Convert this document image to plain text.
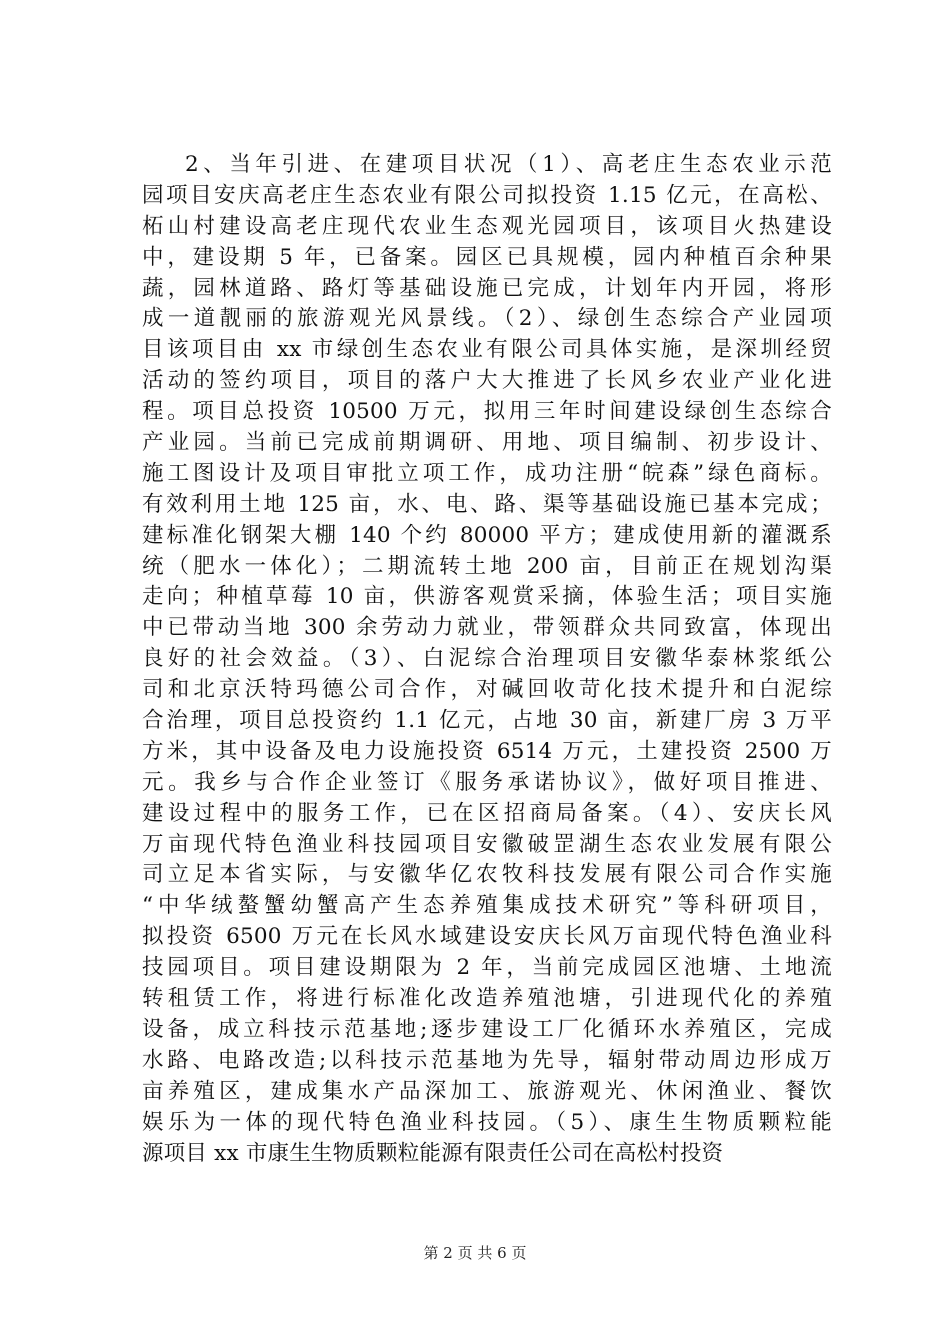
2、当年引进、在建项目状况（1）、高老庄生态农业示范
园项目安庆高老庄生态农业有限公司拟投资 1.15 亿元，在高松、
柘山村建设高老庄现代农业生态观光园项目，该项目火热建设
中，建设期 5 年，已备案。园区已具规模，园内种植百余种果
蔬，园林道路、路灯等基础设施已完成，计划年内开园，将形
成一道靓丽的旅游观光风景线。（2）、绿创生态综合产业园项
目该项目由 xx 市绿创生态农业有限公司具体实施，是深圳经贸
活动的签约项目，项目的落户大大推进了长风乡农业产业化进
程。项目总投资 10500 万元，拟用三年时间建设绿创生态综合
产业园。当前已完成前期调研、用地、项目编制、初步设计、
施工图设计及项目审批立项工作，成功注册“皖森”绿色商标。
有效利用土地 125 亩，水、电、路、渠等基础设施已基本完成；
建标准化钢架大棚 140 个约 80000 平方；建成使用新的灌溉系
统（肥水一体化）；二期流转土地 200 亩，目前正在规划沟渠
走向；种植草莓 10 亩，供游客观赏采摘，体验生活；项目实施
中已带动当地 300 余劳动力就业，带领群众共同致富，体现出
良好的社会效益。（3）、白泥综合治理项目安徽华泰林浆纸公
司和北京沃特玛德公司合作，对碱回收苛化技术提升和白泥综
合治理，项目总投资约 1.1 亿元，占地 30 亩，新建厂房 3 万平
方米，其中设备及电力设施投资 6514 万元，土建投资 2500 万
元。我乡与合作企业签订《服务承诺协议》，做好项目推进、
建设过程中的服务工作，已在区招商局备案。（4）、安庆长风
万亩现代特色渔业科技园项目安徽破罡湖生态农业发展有限公
司立足本省实际，与安徽华亿农牧科技发展有限公司合作实施
“中华绒螯蟹幼蟹高产生态养殖集成技术研究”等科研项目，
拟投资 6500 万元在长风水域建设安庆长风万亩现代特色渔业科
技园项目。项目建设期限为 2 年，当前完成园区池塘、土地流
转租赁工作，将进行标准化改造养殖池塘，引进现代化的养殖
设备，成立科技示范基地;逐步建设工厂化循环水养殖区，完成
水路、电路改造;以科技示范基地为先导，辐射带动周边形成万
亩养殖区，建成集水产品深加工、旅游观光、休闲渔业、餐饮
娱乐为一体的现代特色渔业科技园。（5）、康生生物质颗粒能
源项目 xx 市康生生物质颗粒能源有限责任公司在高松村投资
第 2 页 共 6 页
